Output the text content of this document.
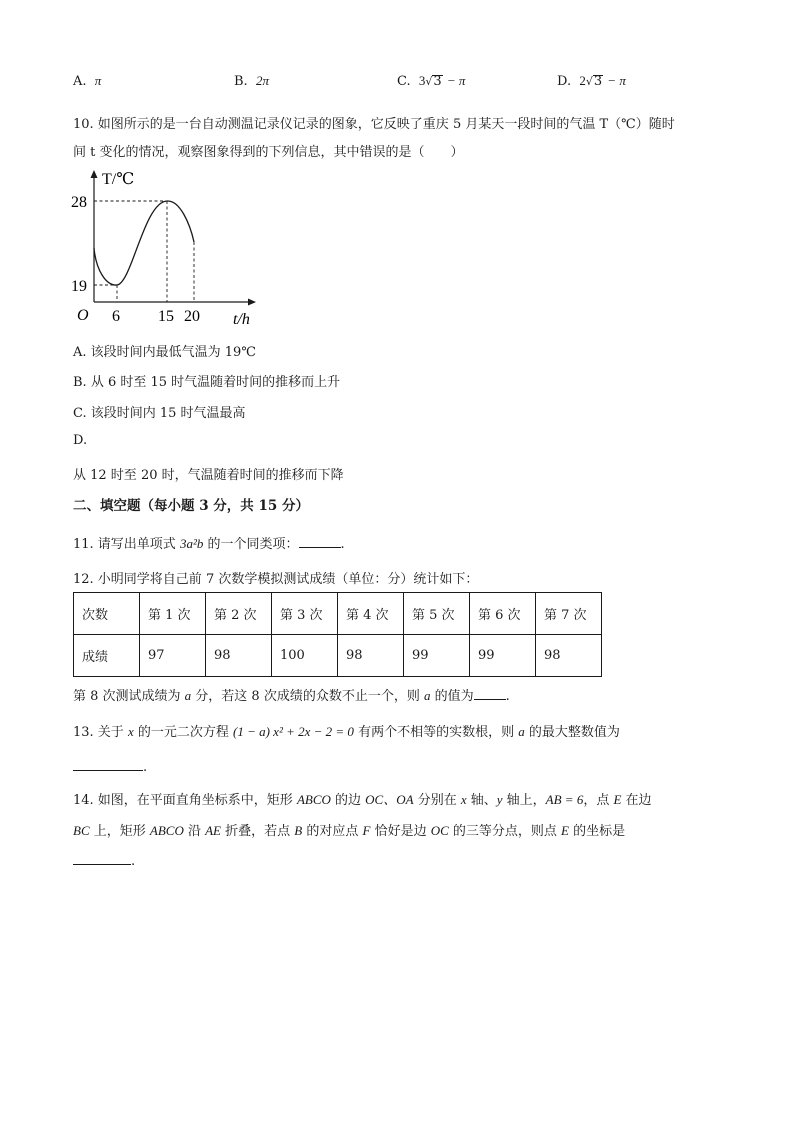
A. π	B. 2π	C. 3√3 − π	D. 2√3 − π
10. 如图所示的是一台自动测温记录仪记录的图象，它反映了重庆 5 月某天一段时间的气温 T（℃）随时
间 t 变化的情况，观察图象得到的下列信息，其中错误的是（　　）
T/℃
28
19
O 6 15 20 t/h
A. 该段时间内最低气温为 19℃
B. 从 6 时至 15 时气温随着时间的推移而上升
C. 该段时间内 15 时气温最高
D.
从 12 时至 20 时，气温随着时间的推移而下降
二、填空题（每小题 3 分，共 15 分）
11. 请写出单项式 3a²b 的一个同类项：	.
12. 小明同学将自己前 7 次数学模拟测试成绩（单位：分）统计如下：
次数	第 1 次	第 2 次	第 3 次	第 4 次	第 5 次	第 6 次	第 7 次
成绩	97	98	100	98	99	99	98
第 8 次测试成绩为 a 分，若这 8 次成绩的众数不止一个，则 a 的值为 .
13. 关于 x 的一元二次方程 (1 − a) x² + 2x − 2 = 0 有两个不相等的实数根，则 a 的最大整数值为
.
14. 如图，在平面直角坐标系中，矩形 ABCO 的边 OC、OA 分别在 x 轴、y 轴上，AB = 6，点 E 在边
BC 上，矩形 ABCO 沿 AE 折叠，若点 B 的对应点 F 恰好是边 OC 的三等分点，则点 E 的坐标是
.
